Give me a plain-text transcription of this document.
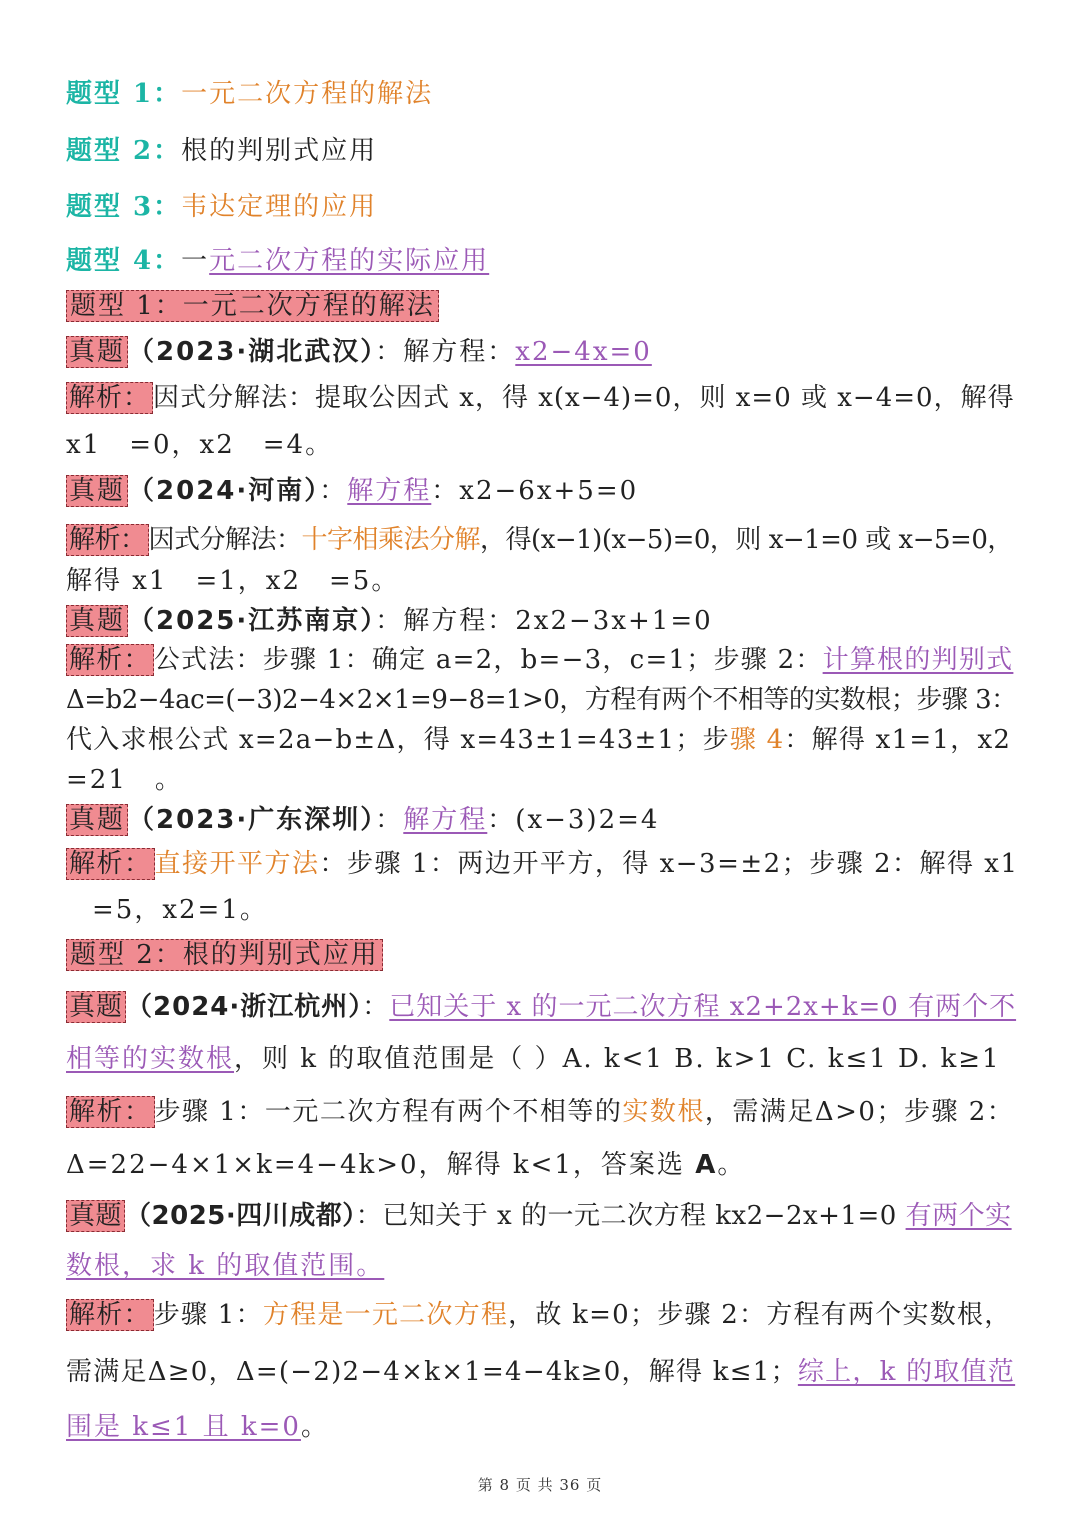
题型 1：一元二次方程的解法
题型 2：根的判别式应用
题型 3：韦达定理的应用
题型 4：一元二次方程的实际应用
题型 1：一元二次方程的解法
真题 （2023·湖北武汉）：解方程：x2−4x=0
解析： 因式分解法：提取公因式 x，得 x(x−4)=0，则 x=0 或 x−4=0，解得
x1　=0，x2　=4。
真题 （2024·河南）：解方程：x2−6x+5=0
解析： 因式分解法：十字相乘法分解，得(x−1)(x−5)=0，则 x−1=0 或 x−5=0，
解得 x1　=1，x2　=5。
真题 （2025·江苏南京）：解方程：2x2−3x+1=0
解析： 公式法：步骤 1：确定 a=2，b=−3，c=1；步骤 2：计算根的判别式
Δ=b2−4ac=(−3)2−4×2×1=9−8=1>0，方程有两个不相等的实数根；步骤 3：
代入求根公式 x=2a−b±Δ，得 x=43±1=43±1；步骤 4：解得 x1=1，x2
=21　。
真题 （2023·广东深圳）：解方程：(x−3)2=4
解析： 直接开平方法：步骤 1：两边开平方，得 x−3=±2；步骤 2：解得 x1
=5，x2=1。
题型 2：根的判别式应用
真题 （2024·浙江杭州）：已知关于 x 的一元二次方程 x2+2x+k=0 有两个不
相等的实数根，则 k 的取值范围是（ ）A. k<1 B. k>1 C. k≤1 D. k≥1
解析： 步骤 1：一元二次方程有两个不相等的实数根，需满足Δ>0；步骤 2：
Δ=22−4×1×k=4−4k>0，解得 k<1，答案选 A。
真题 （2025·四川成都）：已知关于 x 的一元二次方程 kx2−2x+1=0 有两个实
数根，求 k 的取值范围。
解析： 步骤 1：方程是一元二次方程，故 k=0；步骤 2：方程有两个实数根，
需满足Δ≥0，Δ=(−2)2−4×k×1=4−4k≥0，解得 k≤1；综上，k 的取值范
围是 k≤1 且 k=0。
第 8 页 共 36 页
